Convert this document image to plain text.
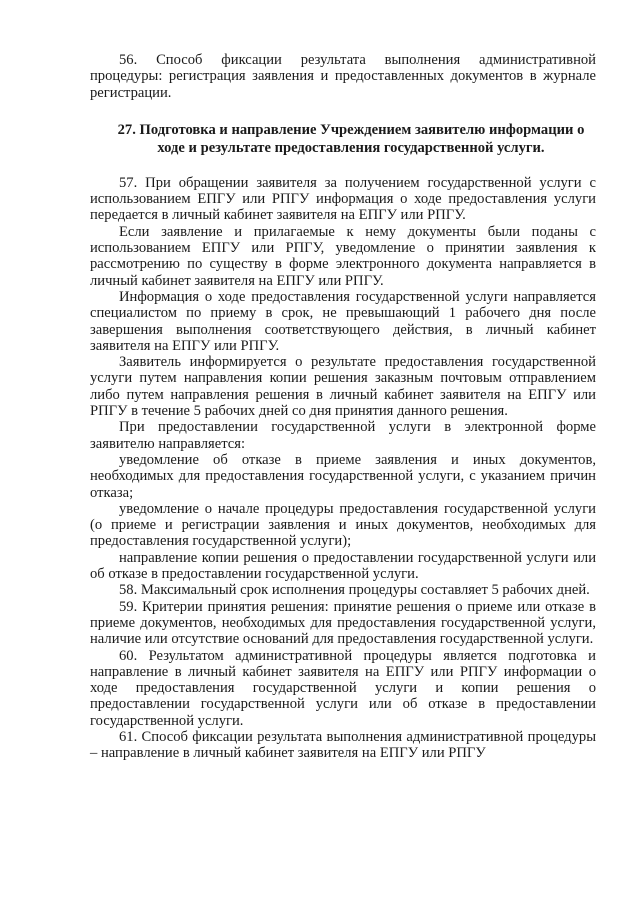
56. Способ фиксации результата выполнения административной процедуры: регистрация заявления и предоставленных документов в журнале регистрации.

27. Подготовка и направление Учреждением заявителю информации о ходе и результате предоставления государственной услуги.

57. При обращении заявителя за получением государственной услуги с использованием ЕПГУ или РПГУ информация о ходе предоставления услуги передается в личный кабинет заявителя на ЕПГУ или РПГУ.

Если заявление и прилагаемые к нему документы были поданы с использованием ЕПГУ или РПГУ, уведомление о принятии заявления к рассмотрению по существу в форме электронного документа направляется в личный кабинет заявителя на ЕПГУ или РПГУ.

Информация о ходе предоставления государственной услуги направляется специалистом по приему в срок, не превышающий 1 рабочего дня после завершения выполнения соответствующего действия, в личный кабинет заявителя на ЕПГУ или РПГУ.

Заявитель информируется о результате предоставления государственной услуги путем направления копии решения заказным почтовым отправлением либо путем направления решения в личный кабинет заявителя на ЕПГУ или РПГУ в течение 5 рабочих дней со дня принятия данного решения.

При предоставлении государственной услуги в электронной форме заявителю направляется:

уведомление об отказе в приеме заявления и иных документов, необходимых для предоставления государственной услуги, с указанием причин отказа;

уведомление о начале процедуры предоставления государственной услуги (о приеме и регистрации заявления и иных документов, необходимых для предоставления государственной услуги);

направление копии решения о предоставлении государственной услуги или об отказе в предоставлении государственной услуги.

58. Максимальный срок исполнения процедуры составляет 5 рабочих дней.

59. Критерии принятия решения: принятие решения о приеме или отказе в приеме документов, необходимых для предоставления государственной услуги, наличие или отсутствие оснований для предоставления государственной услуги.

60. Результатом административной процедуры является подготовка и направление в личный кабинет заявителя на ЕПГУ или РПГУ информации о ходе предоставления государственной услуги и копии решения о предоставлении государственной услуги или об отказе в предоставлении государственной услуги.

61. Способ фиксации результата выполнения административной процедуры – направление в личный кабинет заявителя на ЕПГУ или РПГУ
